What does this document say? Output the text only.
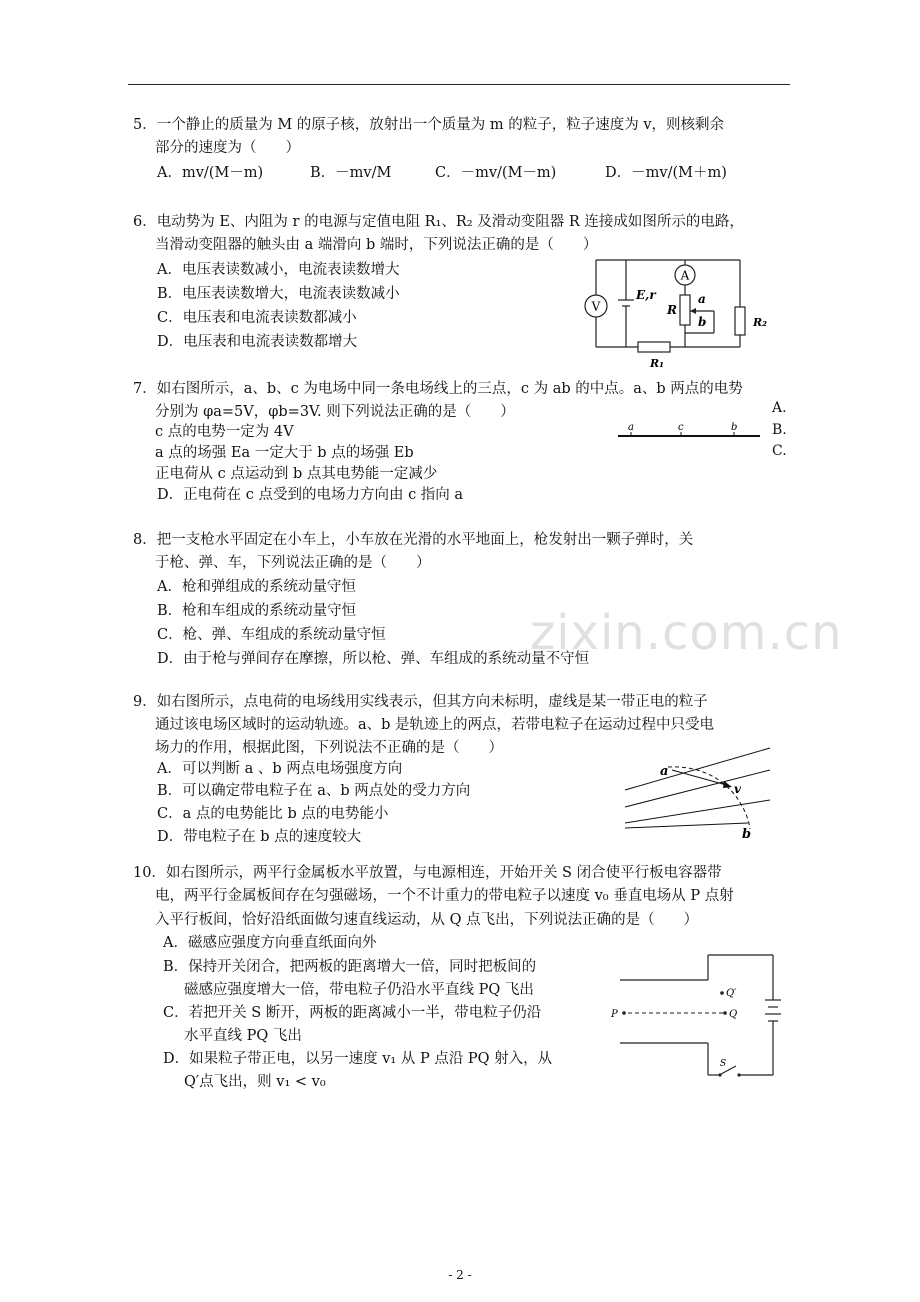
5．一个静止的质量为 M 的原子核，放射出一个质量为 m 的粒子，粒子速度为 v，则核剩余
部分的速度为（　　）
A．mv/(M－m)	B．－mv/M	C．－mv/(M－m)	D．－mv/(M＋m)
6．电动势为 E、内阻为 r 的电源与定值电阻 R₁、R₂ 及滑动变阻器 R 连接成如图所示的电路，
当滑动变阻器的触头由 a 端滑向 b 端时，下列说法正确的是（　　）
A．电压表读数减小，电流表读数增大
B．电压表读数增大，电流表读数减小
C．电压表和电流表读数都减小
D．电压表和电流表读数都增大
V
A
E,r
R
a
b
R₁
R₂
7．如右图所示，a、b、c 为电场中同一条电场线上的三点，c 为 ab 的中点。a、b 两点的电势
分别为 φa=5V，φb=3V. 则下列说法正确的是（　　）
c 点的电势一定为 4V
a 点的场强 Ea 一定大于 b 点的场强 Eb
正电荷从 c 点运动到 b 点其电势能一定减少
D．正电荷在 c 点受到的电场力方向由 c 指向 a
A.
B.
C.
a	c	b
8．把一支枪水平固定在小车上，小车放在光滑的水平地面上，枪发射出一颗子弹时，关
于枪、弹、车，下列说法正确的是（　　）
A．枪和弹组成的系统动量守恒
B．枪和车组成的系统动量守恒
C．枪、弹、车组成的系统动量守恒
D．由于枪与弹间存在摩擦，所以枪、弹、车组成的系统动量不守恒
zixin.com.cn
9．如右图所示，点电荷的电场线用实线表示，但其方向未标明，虚线是某一带正电的粒子
通过该电场区域时的运动轨迹。a、b 是轨迹上的两点，若带电粒子在运动过程中只受电
场力的作用，根据此图，下列说法不正确的是（　　）
A．可以判断 a 、b 两点电场强度方向
B．可以确定带电粒子在 a、b 两点处的受力方向
C．a 点的电势能比 b 点的电势能小
D．带电粒子在 b 点的速度较大
a
v
b
10．如右图所示，两平行金属板水平放置，与电源相连，开始开关 S 闭合使平行板电容器带
电，两平行金属板间存在匀强磁场，一个不计重力的带电粒子以速度 v₀ 垂直电场从 P 点射
入平行板间，恰好沿纸面做匀速直线运动，从 Q 点飞出，下列说法正确的是（　　）
A．磁感应强度方向垂直纸面向外
B．保持开关闭合，把两板的距离增大一倍，同时把板间的
磁感应强度增大一倍，带电粒子仍沿水平直线 PQ 飞出
C．若把开关 S 断开，两板的距离减小一半，带电粒子仍沿
水平直线 PQ 飞出
D．如果粒子带正电，以另一速度 v₁ 从 P 点沿 PQ 射入，从
Q′点飞出，则 v₁ < v₀
P	Q
Q′
S
- 2 -
